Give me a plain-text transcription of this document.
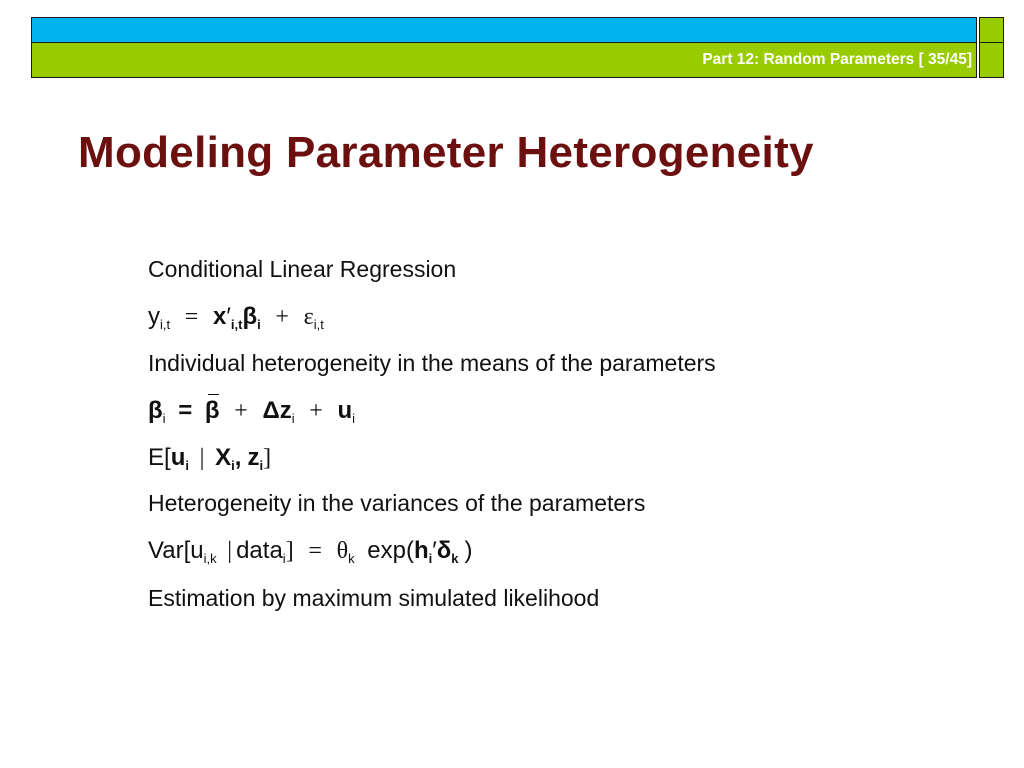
Part 12: Random Parameters [ 35/45]
Modeling Parameter Heterogeneity
Conditional Linear Regression
$y_{i,t} = x'_{i,t}\beta_i + \varepsilon_{i,t}$
Individual heterogeneity in the means of the parameters
$\beta_i = \beta + \Delta z_i + u_i$
$E[u_i$ | $X_i$, $z_i$]
Heterogeneity in the variances of the parameters
$Var[u_{i,k}$ | data$_i$] = $\theta_k$ $\exp(h_i'\delta_k$ )
Estimation by maximum simulated likelihood
